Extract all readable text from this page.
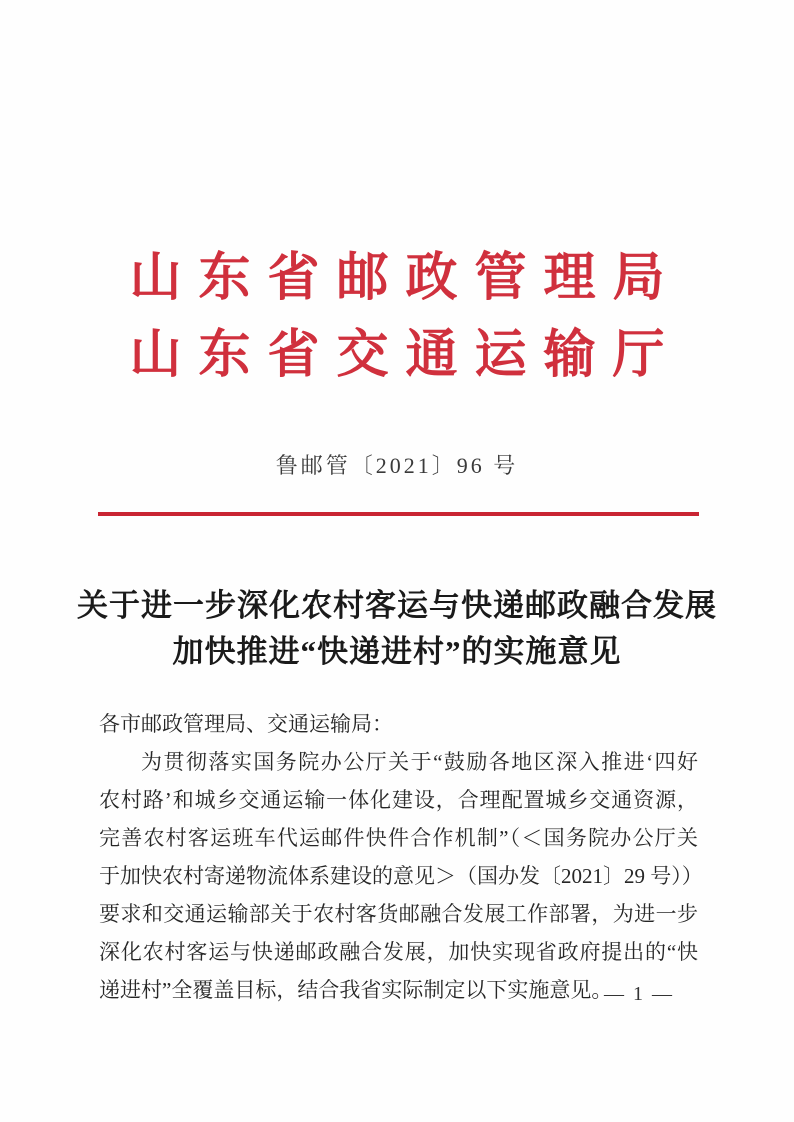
山东省邮政管理局
山东省交通运输厅
鲁邮管〔2021〕96 号
关于进一步深化农村客运与快递邮政融合发展
加快推进“快递进村”的实施意见
各市邮政管理局、交通运输局：
为贯彻落实国务院办公厅关于“鼓励各地区深入推进‘四好
农村路’和城乡交通运输一体化建设，合理配置城乡交通资源，
完善农村客运班车代运邮件快件合作机制”（＜国务院办公厅关
于加快农村寄递物流体系建设的意见＞（国办发〔2021〕29 号））
要求和交通运输部关于农村客货邮融合发展工作部署，为进一步
深化农村客运与快递邮政融合发展，加快实现省政府提出的“快
递进村”全覆盖目标，结合我省实际制定以下实施意见。
— 1 —
